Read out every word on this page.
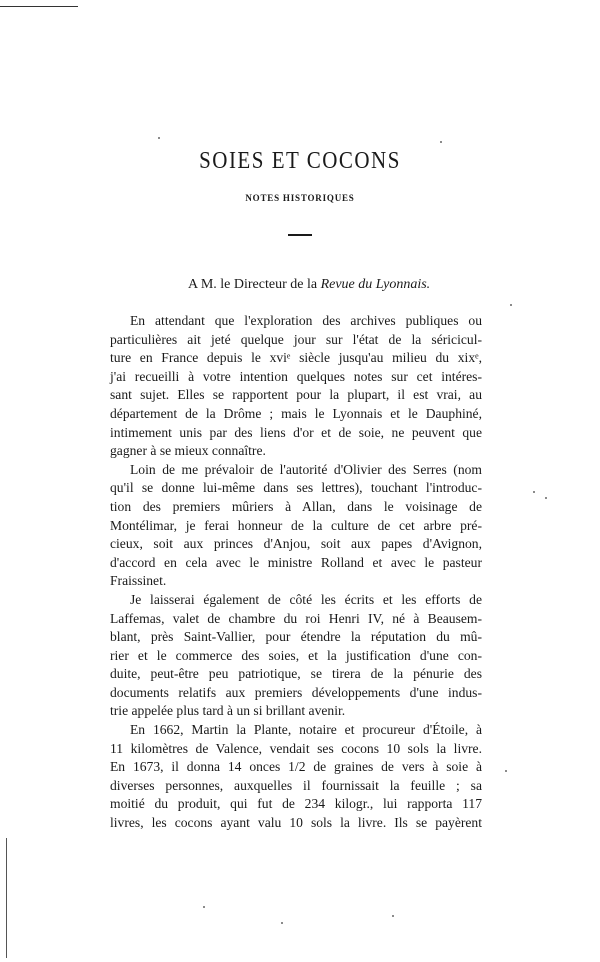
SOIES ET COCONS
NOTES HISTORIQUES
A M. le Directeur de la Revue du Lyonnais.
En attendant que l'exploration des archives publiques ou
particulières ait jeté quelque jour sur l'état de la séricicul-
ture en France depuis le xviᵉ siècle jusqu'au milieu du xixᵉ,
j'ai recueilli à votre intention quelques notes sur cet intéres-
sant sujet. Elles se rapportent pour la plupart, il est vrai, au
département de la Drôme ; mais le Lyonnais et le Dauphiné,
intimement unis par des liens d'or et de soie, ne peuvent que
gagner à se mieux connaître.
Loin de me prévaloir de l'autorité d'Olivier des Serres (nom
qu'il se donne lui-même dans ses lettres), touchant l'introduc-
tion des premiers mûriers à Allan, dans le voisinage de
Montélimar, je ferai honneur de la culture de cet arbre pré-
cieux, soit aux princes d'Anjou, soit aux papes d'Avignon,
d'accord en cela avec le ministre Rolland et avec le pasteur
Fraissinet.
Je laisserai également de côté les écrits et les efforts de
Laffemas, valet de chambre du roi Henri IV, né à Beausem-
blant, près Saint-Vallier, pour étendre la réputation du mû-
rier et le commerce des soies, et la justification d'une con-
duite, peut-être peu patriotique, se tirera de la pénurie des
documents relatifs aux premiers développements d'une indus-
trie appelée plus tard à un si brillant avenir.
En 1662, Martin la Plante, notaire et procureur d'Étoile, à
11 kilomètres de Valence, vendait ses cocons 10 sols la livre.
En 1673, il donna 14 onces 1/2 de graines de vers à soie à
diverses personnes, auxquelles il fournissait la feuille ; sa
moitié du produit, qui fut de 234 kilogr., lui rapporta 117
livres, les cocons ayant valu 10 sols la livre. Ils se payèrent
